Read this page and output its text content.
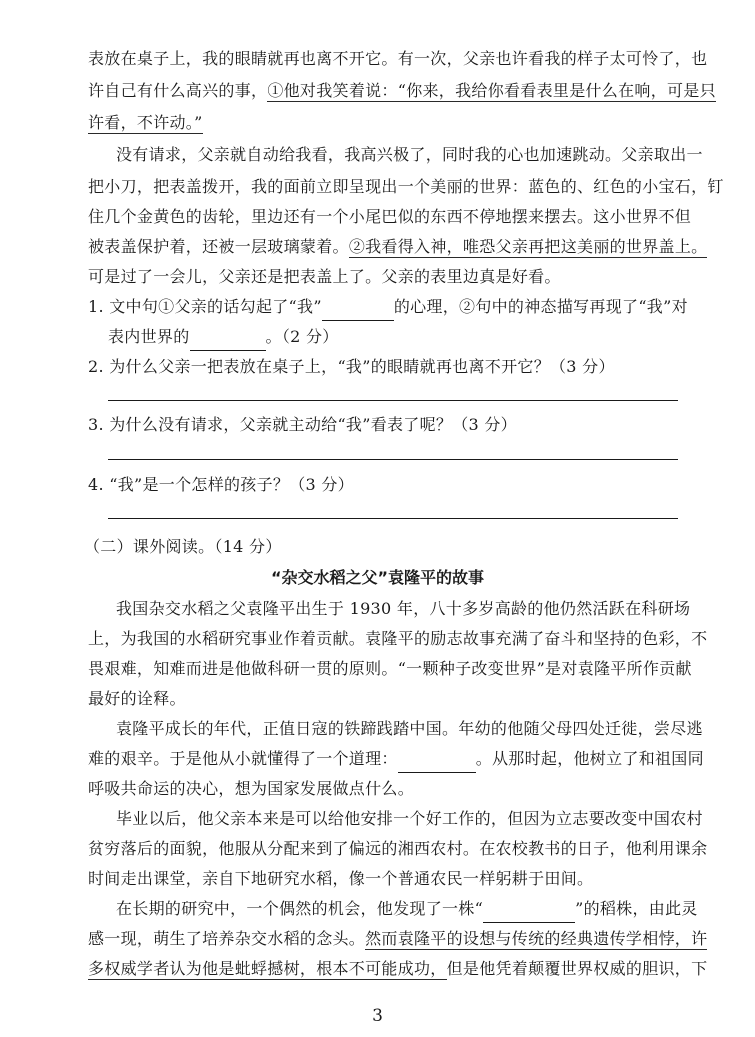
表放在桌子上，我的眼睛就再也离不开它。有一次，父亲也许看我的样子太可怜了，也
许自己有什么高兴的事，①他对我笑着说：“你来，我给你看看表里是什么在响，可是只
许看，不许动。”
没有请求，父亲就自动给我看，我高兴极了，同时我的心也加速跳动。父亲取出一
把小刀，把表盖拨开，我的面前立即呈现出一个美丽的世界：蓝色的、红色的小宝石，钉
住几个金黄色的齿轮，里边还有一个小尾巴似的东西不停地摆来摆去。这小世界不但
被表盖保护着，还被一层玻璃蒙着。②我看得入神，唯恐父亲再把这美丽的世界盖上。
可是过了一会儿，父亲还是把表盖上了。父亲的表里边真是好看。
1. 文中句①父亲的话勾起了“我”	的心理，②句中的神态描写再现了“我”对
表内世界的	。（2 分）
2. 为什么父亲一把表放在桌子上，“我”的眼睛就再也离不开它？（3 分）
3. 为什么没有请求，父亲就主动给“我”看表了呢？（3 分）
4. “我”是一个怎样的孩子？（3 分）
（二）课外阅读。（14 分）
“杂交水稻之父”袁隆平的故事
我国杂交水稻之父袁隆平出生于 1930 年，八十多岁高龄的他仍然活跃在科研场
上，为我国的水稻研究事业作着贡献。袁隆平的励志故事充满了奋斗和坚持的色彩，不
畏艰难，知难而进是他做科研一贯的原则。“一颗种子改变世界”是对袁隆平所作贡献
最好的诠释。
袁隆平成长的年代，正值日寇的铁蹄践踏中国。年幼的他随父母四处迁徙，尝尽逃
难的艰辛。于是他从小就懂得了一个道理：	。从那时起，他树立了和祖国同
呼吸共命运的决心，想为国家发展做点什么。
毕业以后，他父亲本来是可以给他安排一个好工作的，但因为立志要改变中国农村
贫穷落后的面貌，他服从分配来到了偏远的湘西农村。在农校教书的日子，他利用课余
时间走出课堂，亲自下地研究水稻，像一个普通农民一样躬耕于田间。
在长期的研究中，一个偶然的机会，他发现了一株“	”的稻株，由此灵
感一现，萌生了培养杂交水稻的念头。然而袁隆平的设想与传统的经典遗传学相悖，许
多权威学者认为他是蚍蜉撼树，根本不可能成功，但是他凭着颠覆世界权威的胆识，下
3
